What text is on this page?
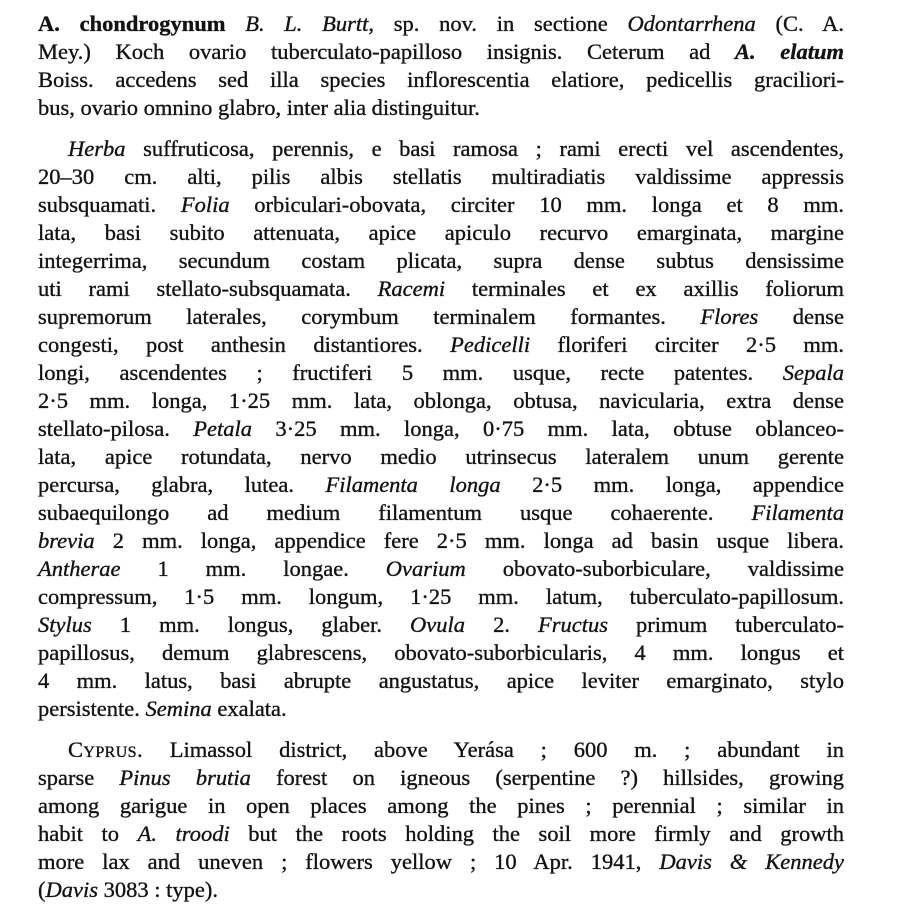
A. chondrogynum B. L. Burtt, sp. nov. in sectione Odontarrhena (C. A.
Mey.) Koch ovario tuberculato-papilloso insignis. Ceterum ad A. elatum
Boiss. accedens sed illa species inflorescentia elatiore, pedicellis graciliori-
bus, ovario omnino glabro, inter alia distinguitur.
Herba suffruticosa, perennis, e basi ramosa ; rami erecti vel ascendentes,
20–30 cm. alti, pilis albis stellatis multiradiatis valdissime appressis
subsquamati. Folia orbiculari-obovata, circiter 10 mm. longa et 8 mm.
lata, basi subito attenuata, apice apiculo recurvo emarginata, margine
integerrima, secundum costam plicata, supra dense subtus densissime
uti rami stellato-subsquamata. Racemi terminales et ex axillis foliorum
supremorum laterales, corymbum terminalem formantes. Flores dense
congesti, post anthesin distantiores. Pedicelli floriferi circiter 2·5 mm.
longi, ascendentes ; fructiferi 5 mm. usque, recte patentes. Sepala
2·5 mm. longa, 1·25 mm. lata, oblonga, obtusa, navicularia, extra dense
stellato-pilosa. Petala 3·25 mm. longa, 0·75 mm. lata, obtuse oblanceo-
lata, apice rotundata, nervo medio utrinsecus lateralem unum gerente
percursa, glabra, lutea. Filamenta longa 2·5 mm. longa, appendice
subaequilongo ad medium filamentum usque cohaerente. Filamenta
brevia 2 mm. longa, appendice fere 2·5 mm. longa ad basin usque libera.
Antherae 1 mm. longae. Ovarium obovato-suborbiculare, valdissime
compressum, 1·5 mm. longum, 1·25 mm. latum, tuberculato-papillosum.
Stylus 1 mm. longus, glaber. Ovula 2. Fructus primum tuberculato-
papillosus, demum glabrescens, obovato-suborbicularis, 4 mm. longus et
4 mm. latus, basi abrupte angustatus, apice leviter emarginato, stylo
persistente. Semina exalata.
Cyprus. Limassol district, above Yerása ; 600 m. ; abundant in
sparse Pinus brutia forest on igneous (serpentine ?) hillsides, growing
among garigue in open places among the pines ; perennial ; similar in
habit to A. troodi but the roots holding the soil more firmly and growth
more lax and uneven ; flowers yellow ; 10 Apr. 1941, Davis & Kennedy
(Davis 3083 : type).
